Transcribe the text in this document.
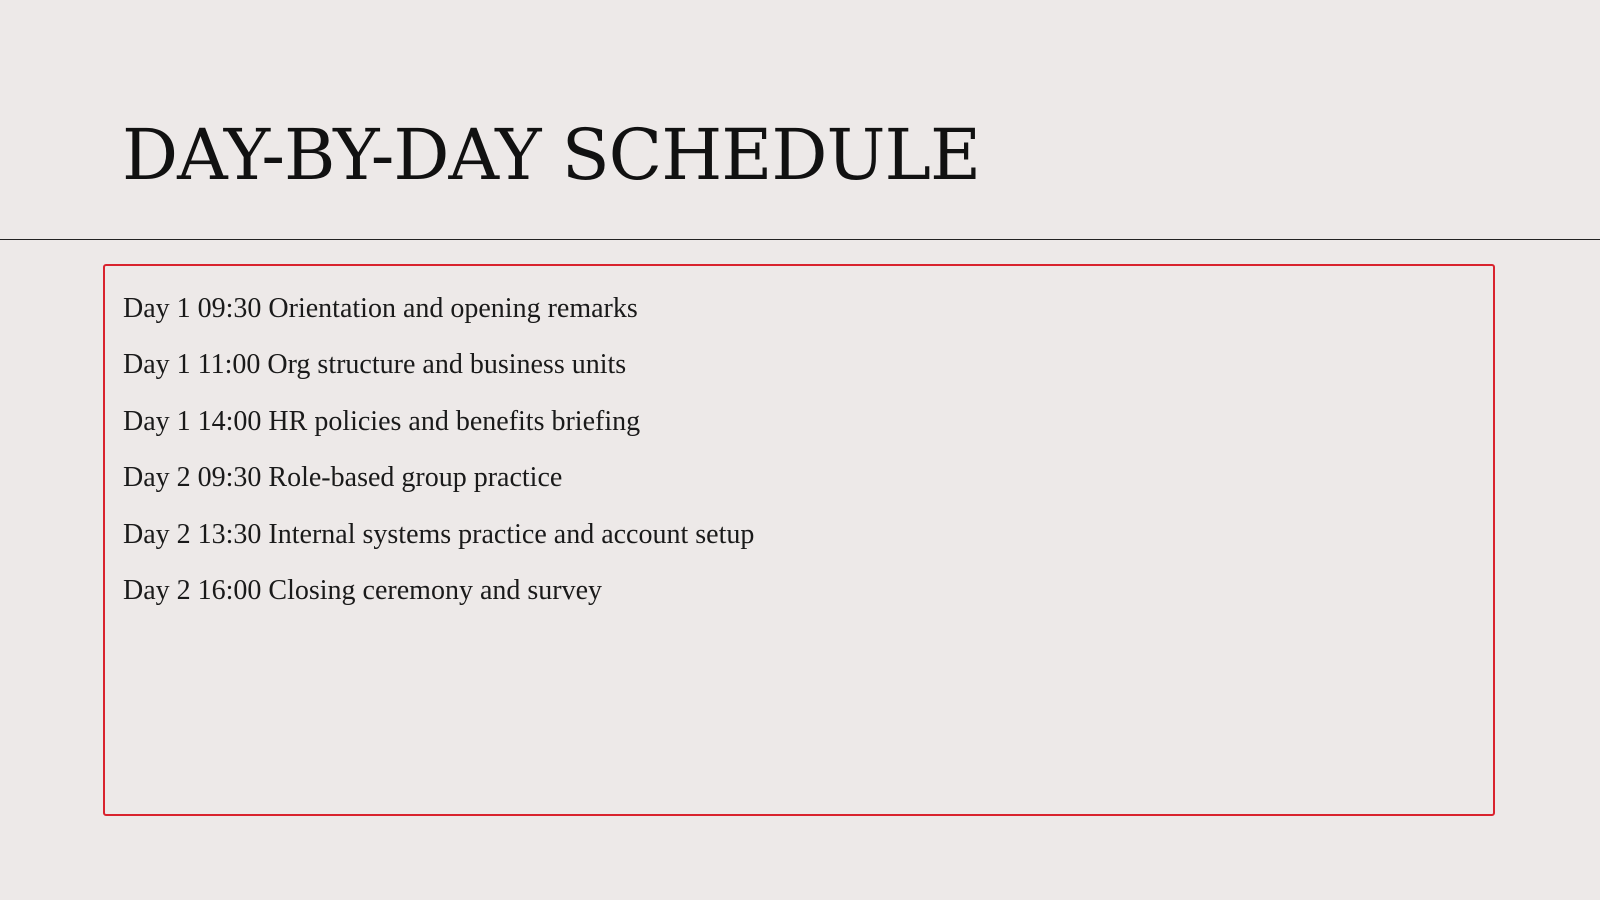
DAY-BY-DAY SCHEDULE
Day 1 09:30 Orientation and opening remarks
Day 1 11:00 Org structure and business units
Day 1 14:00 HR policies and benefits briefing
Day 2 09:30 Role-based group practice
Day 2 13:30 Internal systems practice and account setup
Day 2 16:00 Closing ceremony and survey
